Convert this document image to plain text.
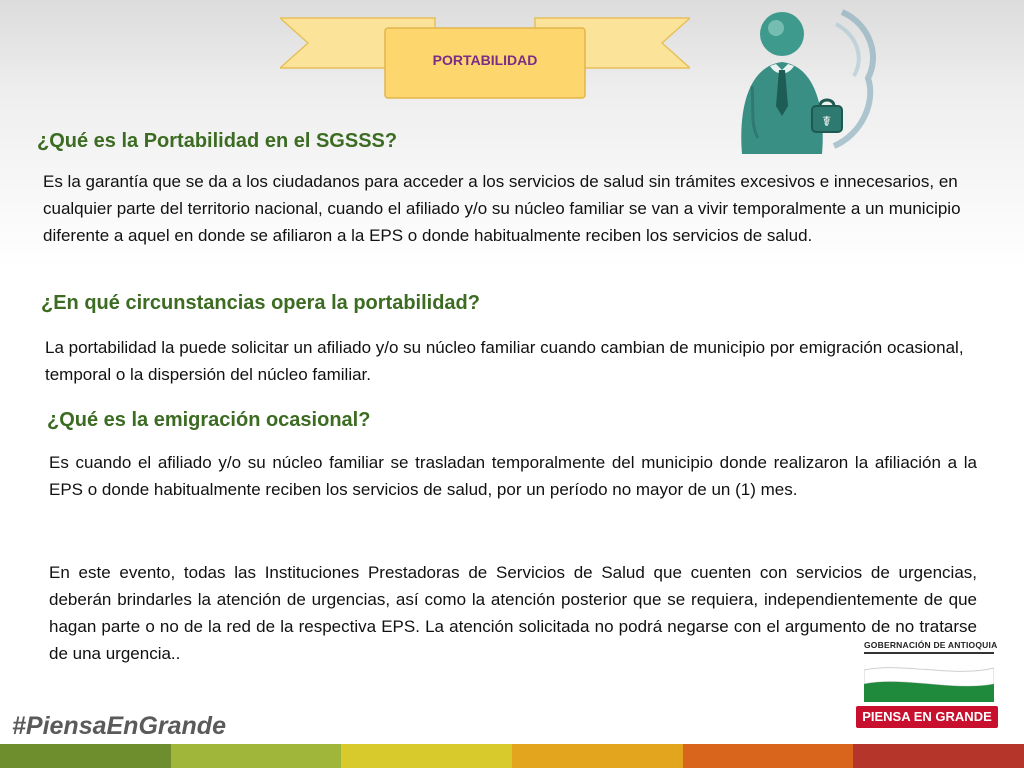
PORTABILIDAD
☤
¿Qué es la Portabilidad en el SGSSS?
Es la garantía que se da a los ciudadanos para acceder a los servicios de salud sin trámites excesivos e innecesarios, en cualquier parte del territorio nacional, cuando el afiliado y/o su núcleo familiar se van a vivir temporalmente a un municipio diferente a aquel en donde se afiliaron a la EPS o donde habitualmente reciben los servicios de salud.
¿En qué circunstancias opera la portabilidad?
La portabilidad la puede solicitar un afiliado y/o su núcleo familiar cuando cambian de municipio por emigración ocasional, temporal o la dispersión del núcleo familiar.
¿Qué es la emigración ocasional?
Es cuando el afiliado y/o su núcleo familiar se trasladan temporalmente del municipio donde realizaron la afiliación a la EPS o donde habitualmente reciben los servicios de salud, por un período no mayor de un (1) mes.
En este evento, todas las Instituciones Prestadoras de Servicios de Salud que cuenten con servicios de urgencias, deberán brindarles la atención de urgencias, así como la atención posterior que se requiera, independientemente de que hagan parte o no de la red de la respectiva EPS. La atención solicitada no podrá negarse con el argumento de no tratarse de una urgencia..	GOBERNACIÓN DE ANTIOQUIA
PIENSA EN GRANDE
#PiensaEnGrande
